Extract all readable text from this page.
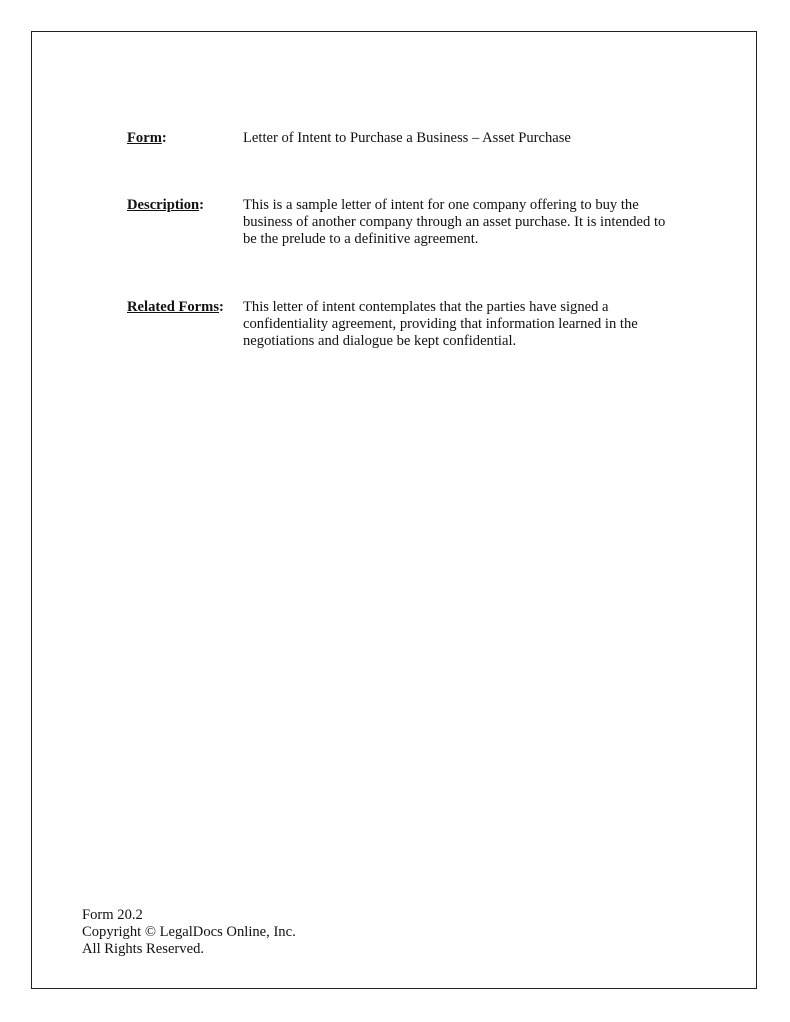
Form:	Letter of Intent to Purchase a Business – Asset Purchase
Description:	This is a sample letter of intent for one company offering to buy the
business of another company through an asset purchase. It is intended to
be the prelude to a definitive agreement.
Related Forms: This letter of intent contemplates that the parties have signed a
confidentiality agreement, providing that information learned in the
negotiations and dialogue be kept confidential.
Form 20.2
Copyright © LegalDocs Online, Inc.
All Rights Reserved.
